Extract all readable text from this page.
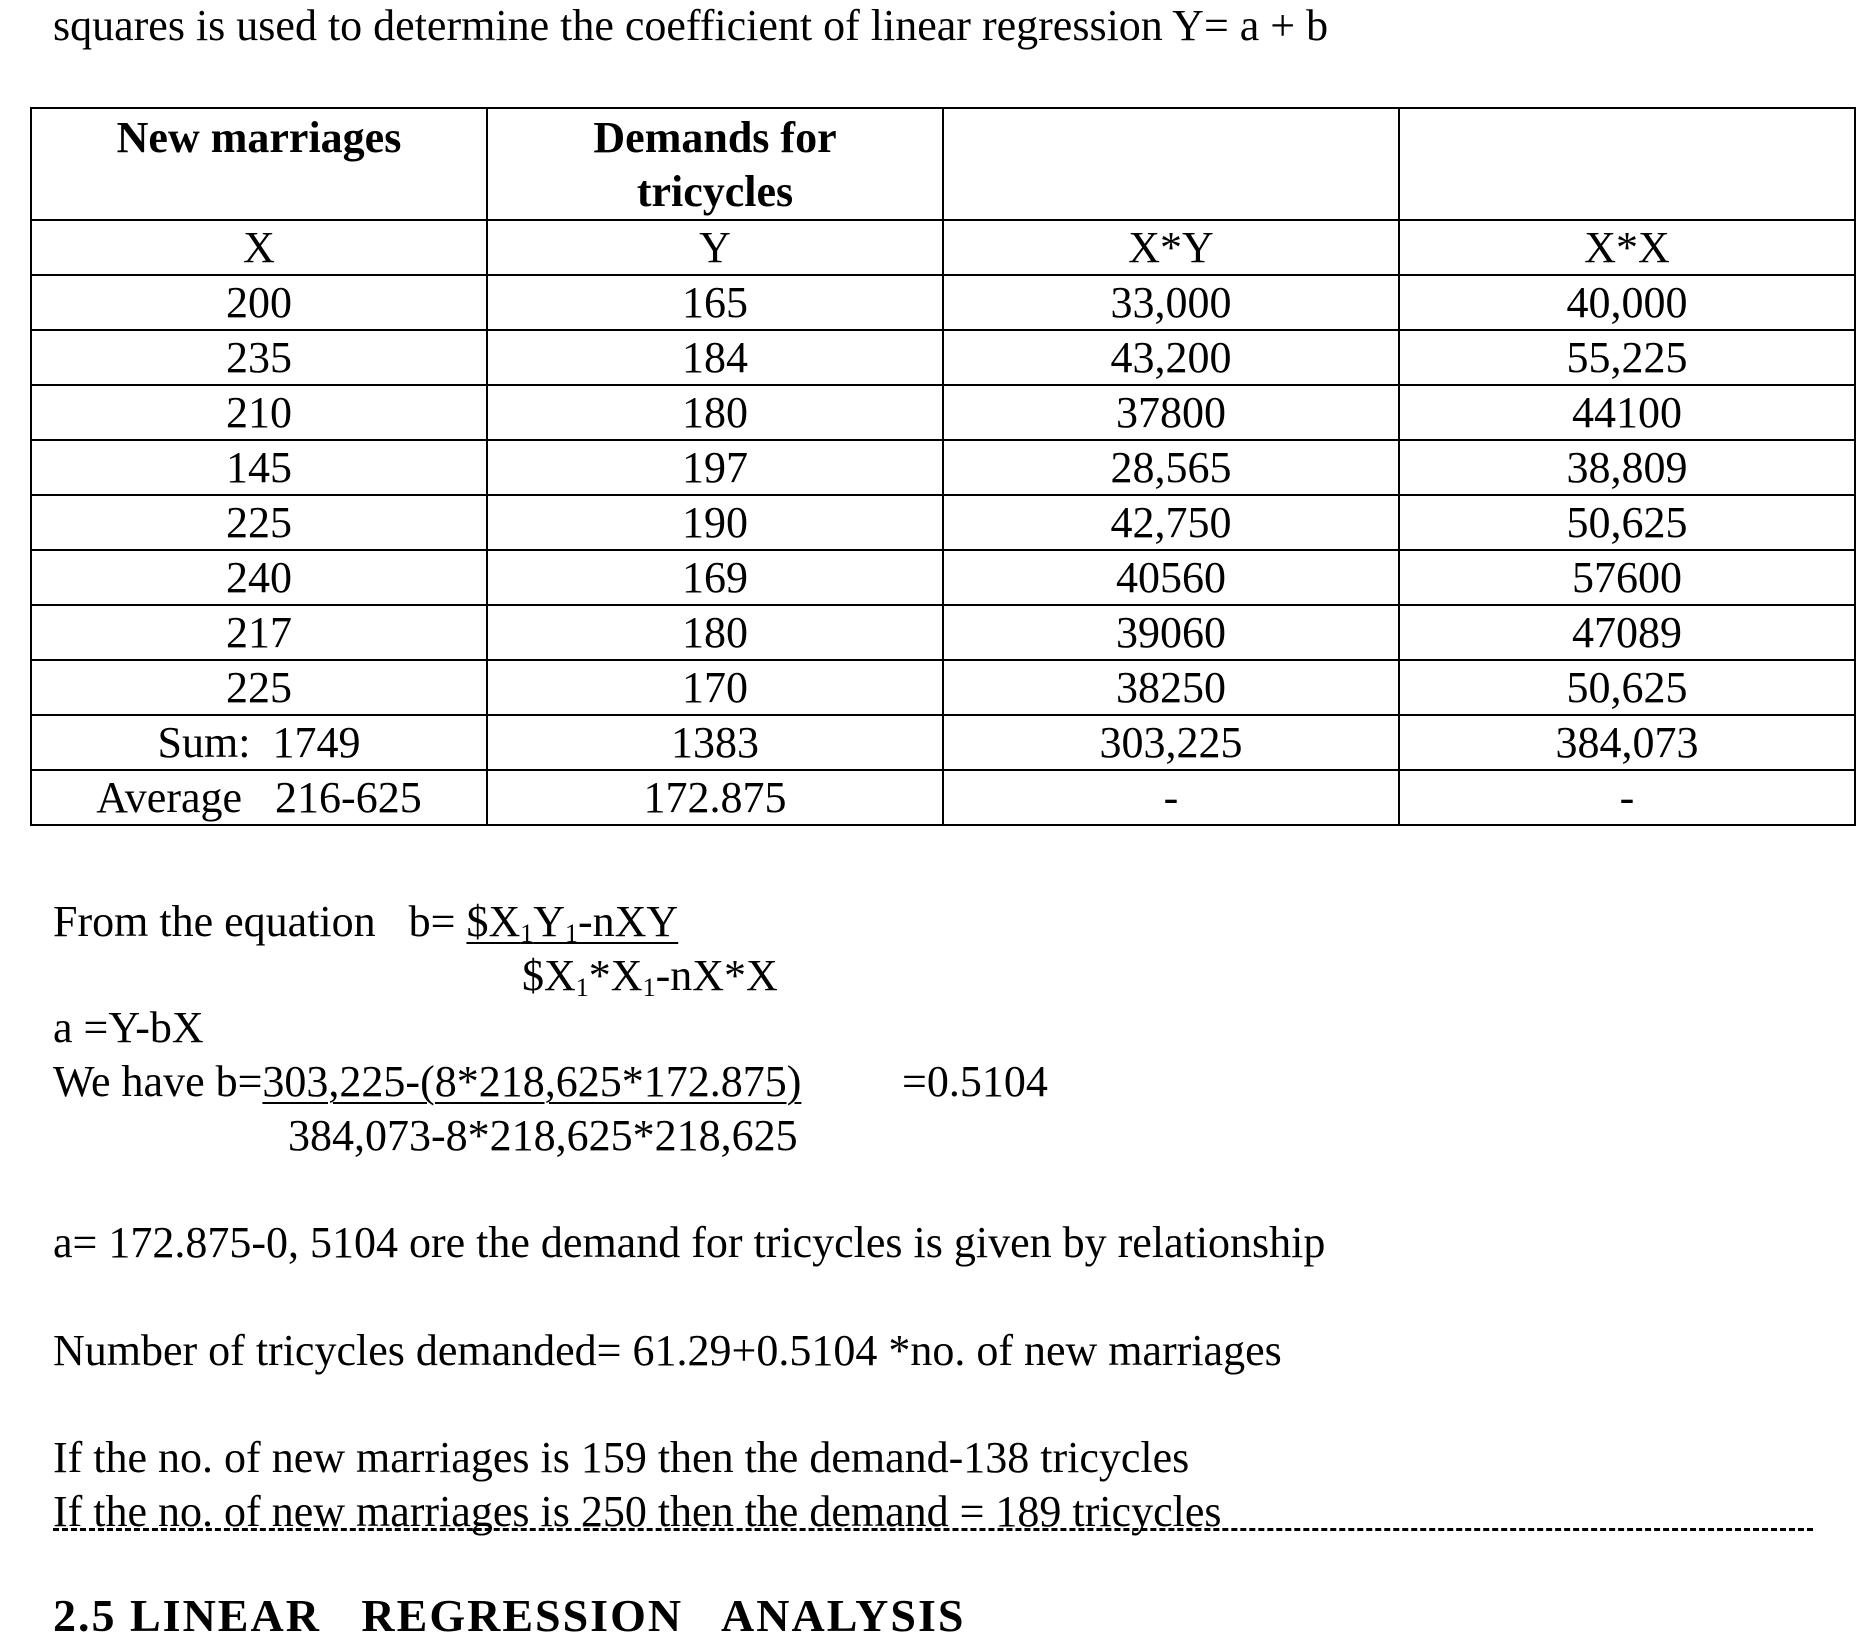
squares is used to determine the coefficient of linear regression Y= a + b
New marriages	Demands for tricycles		
X	Y	X*Y	X*X
200	165	33,000	40,000
235	184	43,200	55,225
210	180	37800	44100
145	197	28,565	38,809
225	190	42,750	50,625
240	169	40560	57600
217	180	39060	47089
225	170	38250	50,625
Sum:  1749	1383	303,225	384,073
Average   216-625	172.875	-	-
From the equation   $b= \$X_1Y_1$-nXY
$\$X_1*X_1-nX*X$
a =Y-bX
We have b=303,225-(8*218,625*172.875) =0.5104
384,073-8*218,625*218,625
a= 172.875-0, 5104 ore the demand for tricycles is given by relationship
Number of tricycles demanded= 61.29+0.5104 *no. of new marriages
If the no. of new marriages is 159 then the demand-138 tricycles
If the no. of new marriages is 250 then the demand = 189 tricycles
2.5 LINEAR   REGRESSION   ANALYSIS
